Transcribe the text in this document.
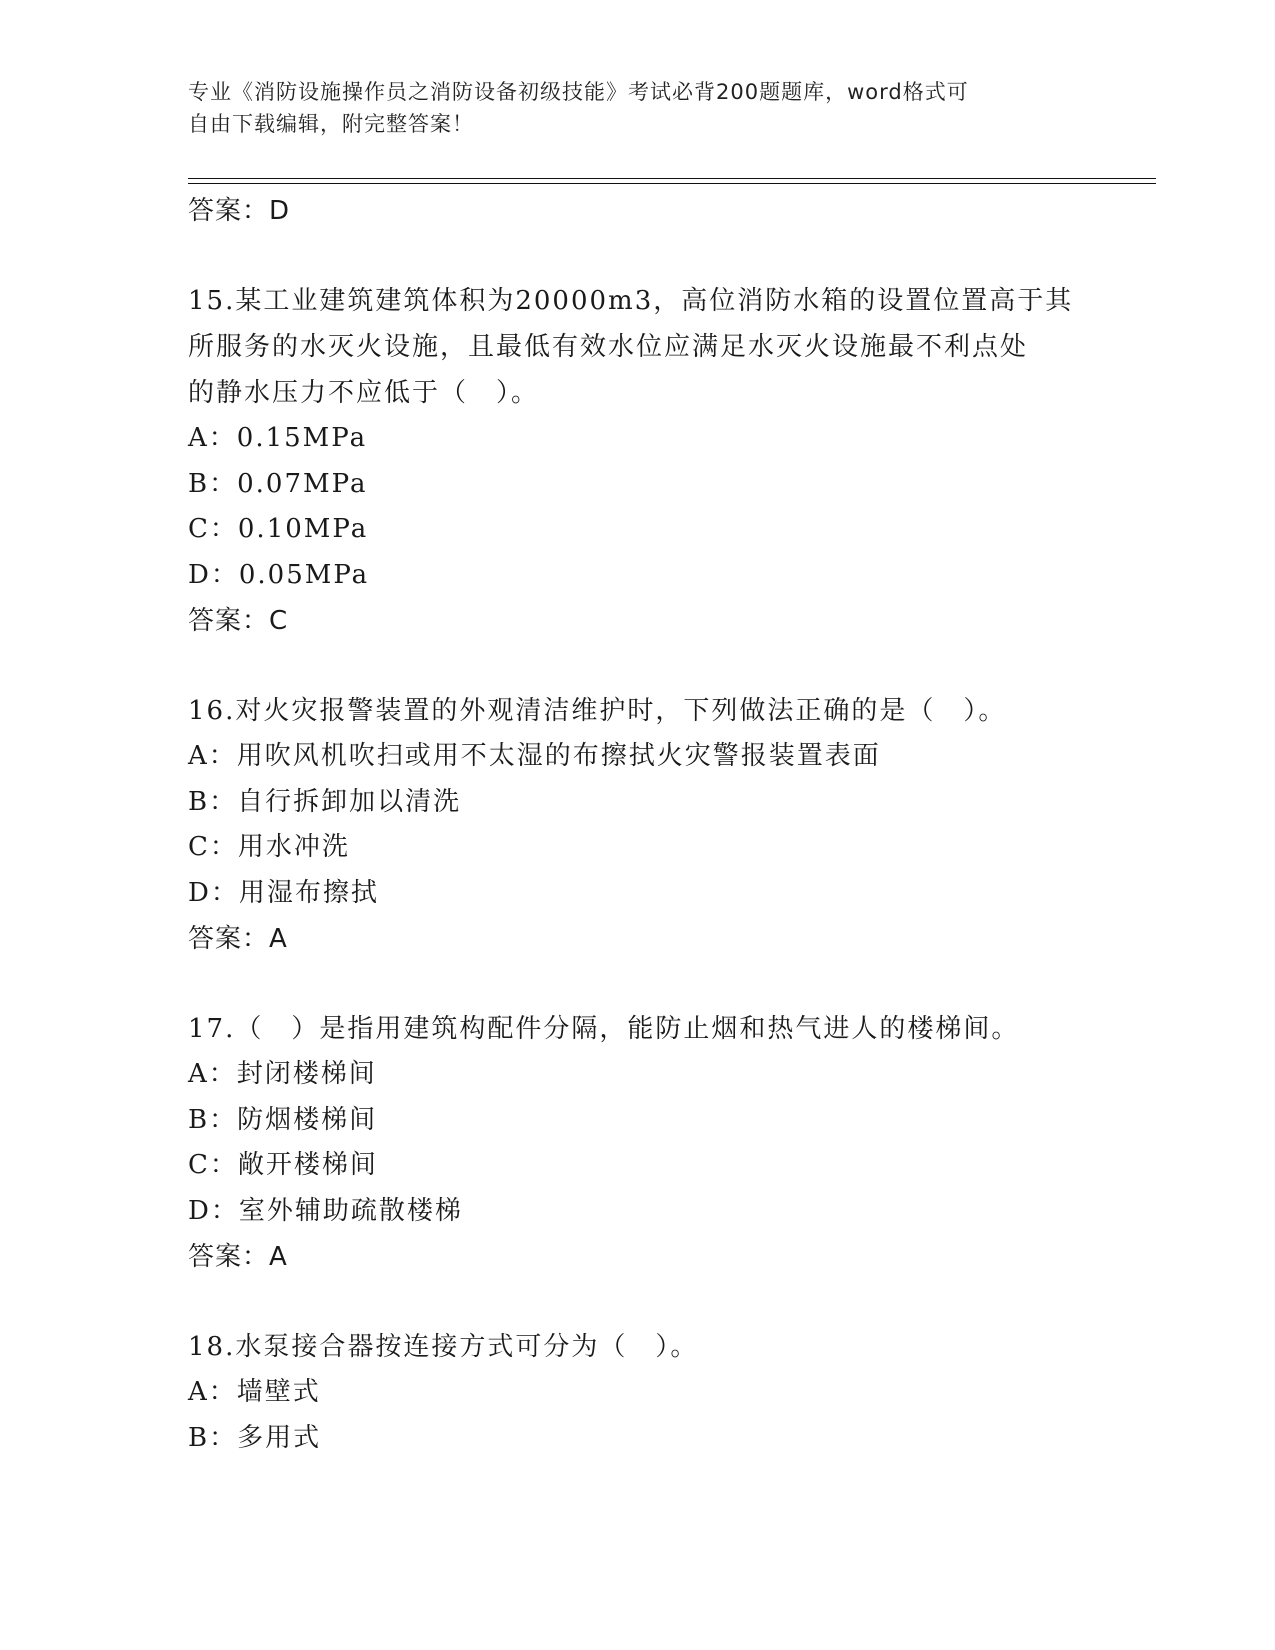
专业《消防设施操作员之消防设备初级技能》考试必背200题题库，word格式可
自由下载编辑，附完整答案！
答案：D
15.某工业建筑建筑体积为20000m3，高位消防水箱的设置位置高于其
所服务的水灭火设施，且最低有效水位应满足水灭火设施最不利点处
的静水压力不应低于（　）。
A：0.15MPa
B：0.07MPa
C：0.10MPa
D：0.05MPa
答案：C
16.对火灾报警装置的外观清洁维护时，下列做法正确的是（　）。
A：用吹风机吹扫或用不太湿的布擦拭火灾警报装置表面
B：自行拆卸加以清洗
C：用水冲洗
D：用湿布擦拭
答案：A
17.（　）是指用建筑构配件分隔，能防止烟和热气进人的楼梯间。
A：封闭楼梯间
B：防烟楼梯间
C：敞开楼梯间
D：室外辅助疏散楼梯
答案：A
18.水泵接合器按连接方式可分为（　）。
A：墙壁式
B：多用式
